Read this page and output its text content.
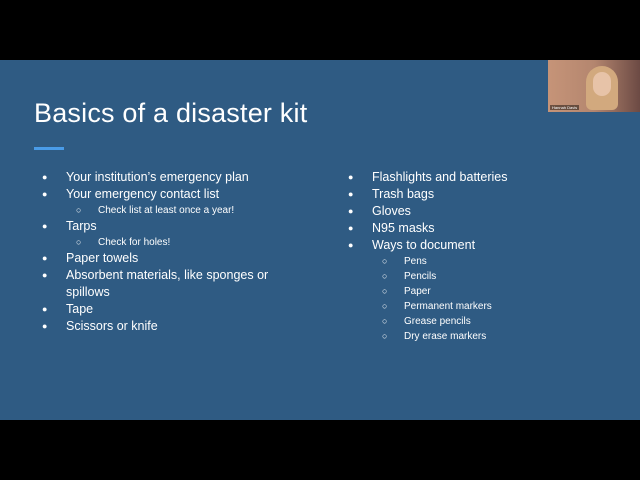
Basics of a disaster kit
● Your institution’s emergency plan
● Your emergency contact list
○ Check list at least once a year!
● Tarps
○ Check for holes!
● Paper towels
● Absorbent materials, like sponges or spillows
● Tape
● Scissors or knife
● Flashlights and batteries
● Trash bags
● Gloves
● N95 masks
● Ways to document
○ Pens
○ Pencils
○ Paper
○ Permanent markers
○ Grease pencils
○ Dry erase markers
Hannah Davis
